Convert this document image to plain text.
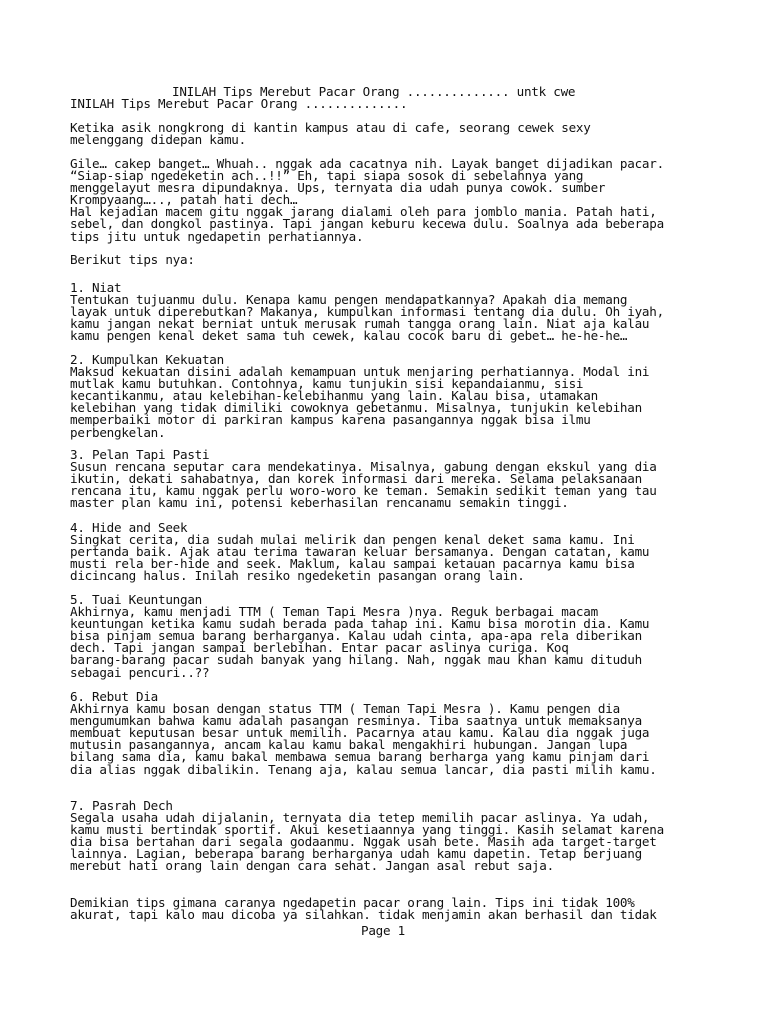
INILAH Tips Merebut Pacar Orang .............. untk cwe
INILAH Tips Merebut Pacar Orang ..............
Ketika asik nongkrong di kantin kampus atau di cafe, seorang cewek sexy
melenggang didepan kamu.
Gile… cakep banget… Whuah.. nggak ada cacatnya nih. Layak banget dijadikan pacar.
“Siap-siap ngedeketin ach..!!” Eh, tapi siapa sosok di sebelahnya yang
menggelayut mesra dipundaknya. Ups, ternyata dia udah punya cowok. sumber
Krompyaang….., patah hati dech…
Hal kejadian macem gitu nggak jarang dialami oleh para jomblo mania. Patah hati,
sebel, dan dongkol pastinya. Tapi jangan keburu kecewa dulu. Soalnya ada beberapa
tips jitu untuk ngedapetin perhatiannya.
Berikut tips nya:
1. Niat
Tentukan tujuanmu dulu. Kenapa kamu pengen mendapatkannya? Apakah dia memang
layak untuk diperebutkan? Makanya, kumpulkan informasi tentang dia dulu. Oh iyah,
kamu jangan nekat berniat untuk merusak rumah tangga orang lain. Niat aja kalau
kamu pengen kenal deket sama tuh cewek, kalau cocok baru di gebet… he-he-he…
2. Kumpulkan Kekuatan
Maksud kekuatan disini adalah kemampuan untuk menjaring perhatiannya. Modal ini
mutlak kamu butuhkan. Contohnya, kamu tunjukin sisi kepandaianmu, sisi
kecantikanmu, atau kelebihan-kelebihanmu yang lain. Kalau bisa, utamakan
kelebihan yang tidak dimiliki cowoknya gebetanmu. Misalnya, tunjukin kelebihan
memperbaiki motor di parkiran kampus karena pasangannya nggak bisa ilmu
perbengkelan.
3. Pelan Tapi Pasti
Susun rencana seputar cara mendekatinya. Misalnya, gabung dengan ekskul yang dia
ikutin, dekati sahabatnya, dan korek informasi dari mereka. Selama pelaksanaan
rencana itu, kamu nggak perlu woro-woro ke teman. Semakin sedikit teman yang tau
master plan kamu ini, potensi keberhasilan rencanamu semakin tinggi.
4. Hide and Seek
Singkat cerita, dia sudah mulai melirik dan pengen kenal deket sama kamu. Ini
pertanda baik. Ajak atau terima tawaran keluar bersamanya. Dengan catatan, kamu
musti rela ber-hide and seek. Maklum, kalau sampai ketauan pacarnya kamu bisa
dicincang halus. Inilah resiko ngedeketin pasangan orang lain.
5. Tuai Keuntungan
Akhirnya, kamu menjadi TTM ( Teman Tapi Mesra )nya. Reguk berbagai macam
keuntungan ketika kamu sudah berada pada tahap ini. Kamu bisa morotin dia. Kamu
bisa pinjam semua barang berharganya. Kalau udah cinta, apa-apa rela diberikan
dech. Tapi jangan sampai berlebihan. Entar pacar aslinya curiga. Koq
barang-barang pacar sudah banyak yang hilang. Nah, nggak mau khan kamu dituduh
sebagai pencuri..??
6. Rebut Dia
Akhirnya kamu bosan dengan status TTM ( Teman Tapi Mesra ). Kamu pengen dia
mengumumkan bahwa kamu adalah pasangan resminya. Tiba saatnya untuk memaksanya
membuat keputusan besar untuk memilih. Pacarnya atau kamu. Kalau dia nggak juga
mutusin pasangannya, ancam kalau kamu bakal mengakhiri hubungan. Jangan lupa
bilang sama dia, kamu bakal membawa semua barang berharga yang kamu pinjam dari
dia alias nggak dibalikin. Tenang aja, kalau semua lancar, dia pasti milih kamu.
7. Pasrah Dech
Segala usaha udah dijalanin, ternyata dia tetep memilih pacar aslinya. Ya udah,
kamu musti bertindak sportif. Akui kesetiaannya yang tinggi. Kasih selamat karena
dia bisa bertahan dari segala godaanmu. Nggak usah bete. Masih ada target-target
lainnya. Lagian, beberapa barang berharganya udah kamu dapetin. Tetap berjuang
merebut hati orang lain dengan cara sehat. Jangan asal rebut saja.
Demikian tips gimana caranya ngedapetin pacar orang lain. Tips ini tidak 100%
akurat, tapi kalo mau dicoba ya silahkan. tidak menjamin akan berhasil dan tidak
Page 1
